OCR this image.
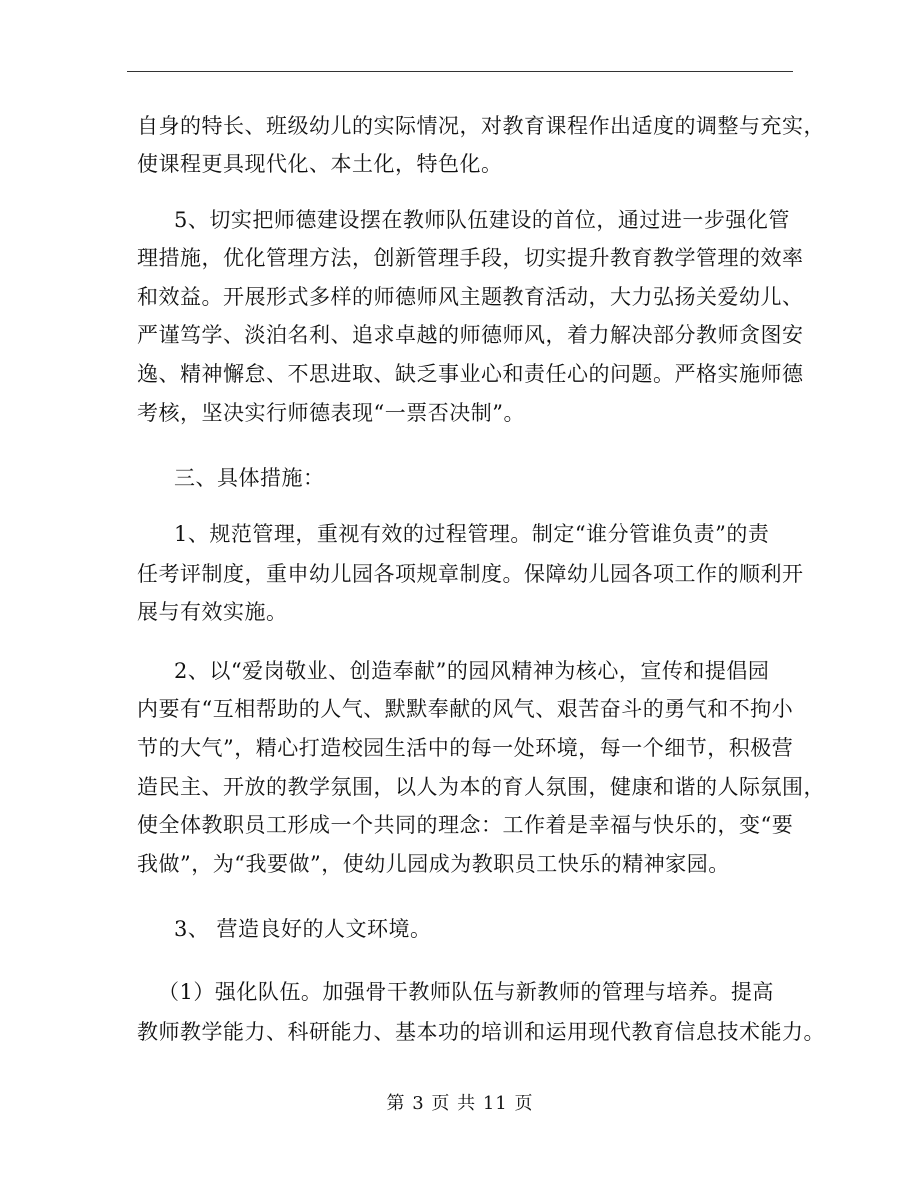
自身的特长、班级幼儿的实际情况，对教育课程作出适度的调整与充实，
使课程更具现代化、本土化，特色化。
5、切实把师德建设摆在教师队伍建设的首位，通过进一步强化管
理措施，优化管理方法，创新管理手段，切实提升教育教学管理的效率
和效益。开展形式多样的师德师风主题教育活动，大力弘扬关爱幼儿、
严谨笃学、淡泊名利、追求卓越的师德师风，着力解决部分教师贪图安
逸、精神懈怠、不思进取、缺乏事业心和责任心的问题。严格实施师德
考核，坚决实行师德表现“一票否决制”。
三、具体措施：
1、规范管理，重视有效的过程管理。制定“谁分管谁负责”的责
任考评制度，重申幼儿园各项规章制度。保障幼儿园各项工作的顺利开
展与有效实施。
2、以“爱岗敬业、创造奉献”的园风精神为核心，宣传和提倡园
内要有“互相帮助的人气、默默奉献的风气、艰苦奋斗的勇气和不拘小
节的大气”，精心打造校园生活中的每一处环境，每一个细节，积极营
造民主、开放的教学氛围，以人为本的育人氛围，健康和谐的人际氛围，
使全体教职员工形成一个共同的理念：工作着是幸福与快乐的，变“要
我做”，为“我要做”，使幼儿园成为教职员工快乐的精神家园。
3、 营造良好的人文环境。
（1）强化队伍。加强骨干教师队伍与新教师的管理与培养。提高
教师教学能力、科研能力、基本功的培训和运用现代教育信息技术能力。
第 3 页 共 11 页
